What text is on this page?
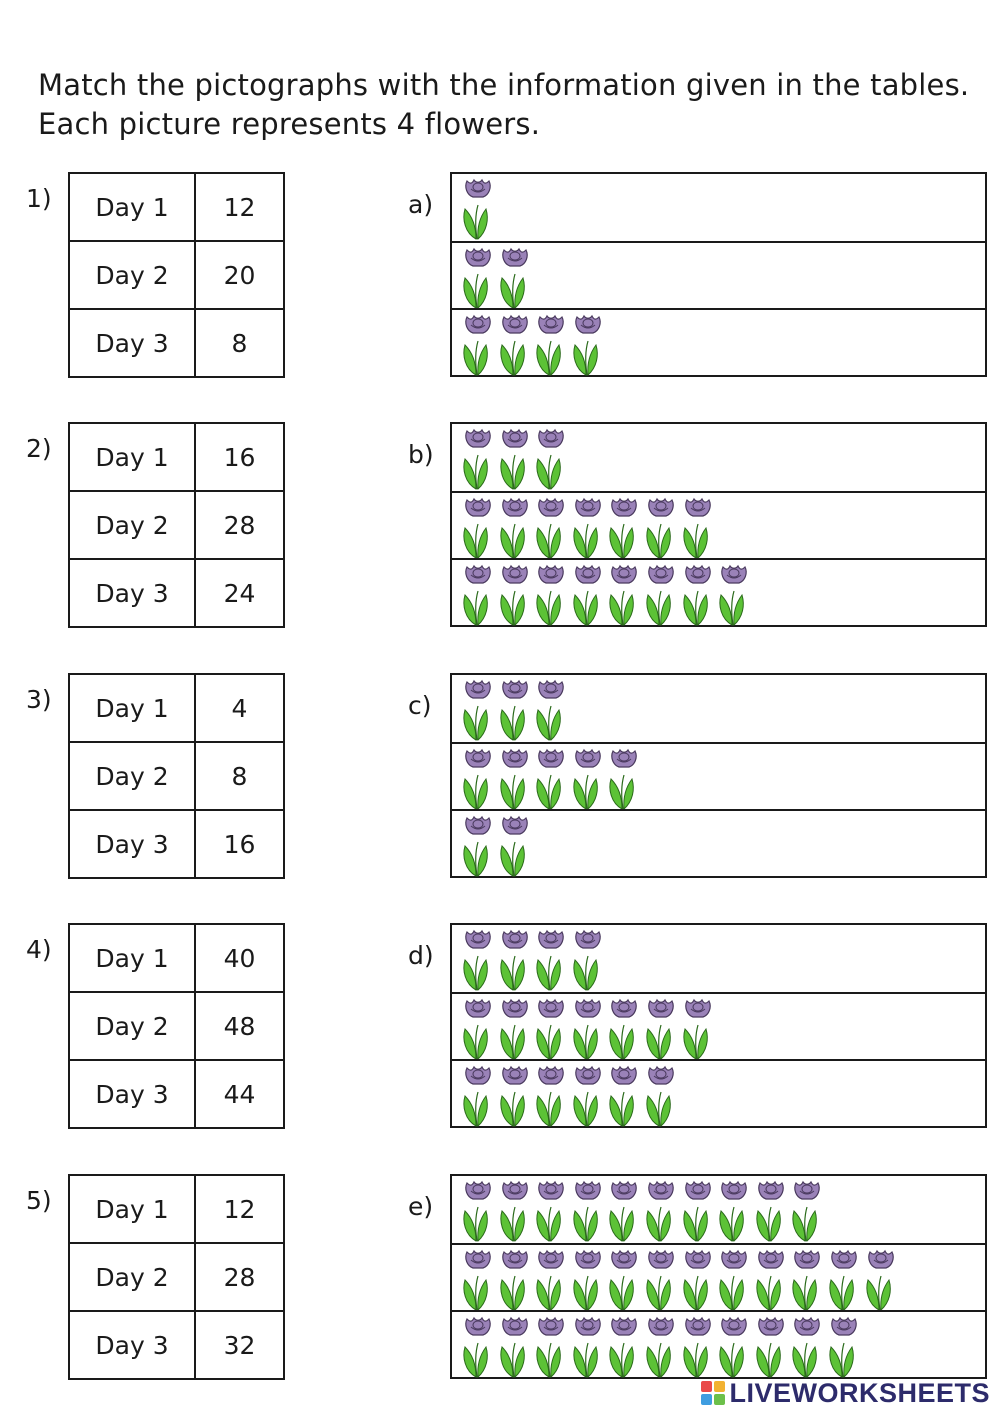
Match the pictographs with the information given in the tables.
Each picture represents 4 flowers.
1) Day 1	12
Day 2	20
Day 3	8
a)
2) Day 1	16
Day 2	28
Day 3	24
b)
3) Day 1	4
Day 2	8
Day 3	16
c)
4) Day 1	40
Day 2	48
Day 3	44
d)
5) Day 1	12
Day 2	28
Day 3	32
e)
LIVEWORKSHEETS
